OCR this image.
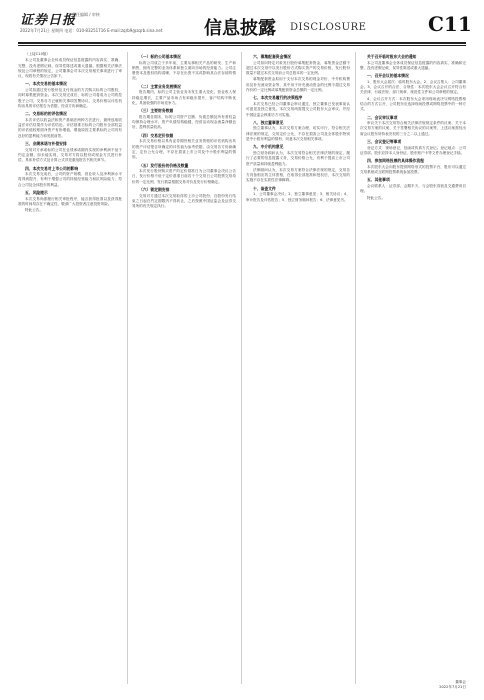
证券日报
责任编辑 / 审核
2022年7月21日 星期四 电话：010-83251716 E-mail:zqrb9@zqrb.sina.net 信息披露 DISCLOSURE	C11

（上接C10版）

本公司及董事会全体成员保证信息披露的内容真实、准确、完整，没有虚假记载、误导性陈述或重大遗漏。根据相关法律法规及公司章程的规定，公司董事会对本次交易相关事项进行了审议，现将有关情况公告如下。

一、本次交易的基本情况

公司拟通过发行股份及支付现金的方式购买标的公司股权，同时募集配套资金。本次交易完成后，标的公司将成为公司的控股子公司，交易各方已就相关事项签署协议，交易价格以评估机构出具的评估报告为依据，经双方协商确定。

二、交易标的的评估情况

本次评估以收益法和资产基础法两种方法进行，最终选取收益法评估结果作为评估结论。评估基准日标的公司股东全部权益的评估值较账面净资产有所增值，增值原因主要系标的公司具有良好的盈利能力和发展前景。

三、业绩承诺与补偿安排

交易对方承诺标的公司在业绩承诺期内实现的净利润不低于约定金额，如未能实现，交易对方将以股份或现金方式进行补偿，具体补偿方式及计算公式详见重组报告书相关章节。

四、本次交易对上市公司的影响

本次交易完成后，公司的资产规模、营业收入及净利润水平将得到提升，有利于增强公司的持续经营能力和抗风险能力，符合公司及全体股东的利益。

五、风险提示

本次交易尚需履行相关审批程序，能否获得批准以及获得批准的时间均存在不确定性，敬请广大投资者注意投资风险。

特此公告。

（一）标的公司基本情况

标的公司成立于多年前，主要从事相关产品的研发、生产和销售，拥有完整的业务体系和独立面向市场的经营能力。公司注册资本及股权结构清晰，不存在出资不实或影响其合法存续的情况。

（二）主营业务发展情况

报告期内，标的公司主营业务未发生重大变化，营业收入保持稳定增长，主要产品市场占有率稳步提升，客户结构不断优化，具备较强的市场竞争力。

（三）主要财务数据

报告期各期末，标的公司资产总额、负债总额及所有者权益均保持合理水平，资产负债结构稳健，经营活动现金流量净额良好，盈利质量较高。

（四）交易定价依据

本次交易价格以具有证券期货相关业务资格的评估机构出具的资产评估报告所确定的评估值为参考依据，由交易各方协商确定，定价公允合理，不存在损害上市公司及中小股东利益的情形。

（五）发行股份的价格及数量

本次发行股份购买资产的定价基准日为公司董事会决议公告日，发行价格不低于定价基准日前若干个交易日公司股票交易均价的一定比例，发行数量根据交易对价及发行价格确定。

（六）锁定期安排

交易对方通过本次交易取得的上市公司股份，自股份发行结束之日起在约定期限内不得转让，之后按照中国证监会及证券交易所的有关规定执行。

六、募集配套资金情况

公司拟向特定对象发行股份募集配套资金，募集资金总额不超过本次交易中以发行股份方式购买资产的交易价格，发行股份数量不超过本次交易前公司总股本的一定比例。

募集配套资金拟用于支付本次交易的现金对价、中介机构费用及补充流动资金等，其中用于补充流动资金的比例不超过交易作价的一定比例或募集配套资金总额的一定比例。

七、本次交易履行的决策程序

本次交易已经公司董事会审议通过，独立董事已发表事前认可意见及独立意见。本次交易尚需提交公司股东大会审议，并经中国证监会核准后方可实施。

八、独立董事意见

独立董事认为，本次交易方案合理、切实可行，符合相关法律法规的规定，交易定价公允，不存在损害公司及全体股东特别是中小股东利益的情形，同意本次交易相关事项。

九、中介机构意见

独立财务顾问认为，本次交易符合相关法律法规的规定，履行了必要的信息披露义务，交易价格公允，有利于提高上市公司资产质量和持续盈利能力。

法律顾问认为，本次交易方案符合法律法规的规定，交易各方具备相应的主体资格，在取得全部批准和授权后，本次交易的实施不存在实质性法律障碍。

十、备查文件

1、公司董事会决议；2、独立董事意见；3、相关协议；4、审计报告及评估报告；5、独立财务顾问报告；6、法律意见书。

关于召开临时股东大会的通知

本公司及董事会全体成员保证信息披露的内容真实、准确和完整，没有虚假记载、误导性陈述或重大遗漏。

一、召开会议的基本情况

1、股东大会届次：临时股东大会。2、会议召集人：公司董事会。3、会议召开的合法、合规性：本次股东大会会议召开符合有关法律、行政法规、部门规章、规范性文件和公司章程的规定。

4、会议召开方式：本次股东大会采用现场表决与网络投票相结合的方式召开，公司股东应选择现场投票或网络投票中的一种方式。

二、会议审议事项

审议关于本次交易符合相关法律法规规定条件的议案、关于本次交易方案的议案、关于签署相关协议的议案等，上述议案需经出席会议股东所持表决权的三分之二以上通过。

三、会议登记等事项

登记方式：现场登记、信函或传真方式登记。登记地点：公司证券部。股东应持本人身份证、股东账户卡等文件办理登记手续。

四、参加网络投票的具体操作流程

本次股东大会向股东提供网络形式的投票平台，股东可以通过交易系统或互联网投票系统参加投票。

五、其他事项

会议联系人：证券部。会期半天，与会股东食宿及交通费用自理。

特此公告。

董事会
2022年7月21日
